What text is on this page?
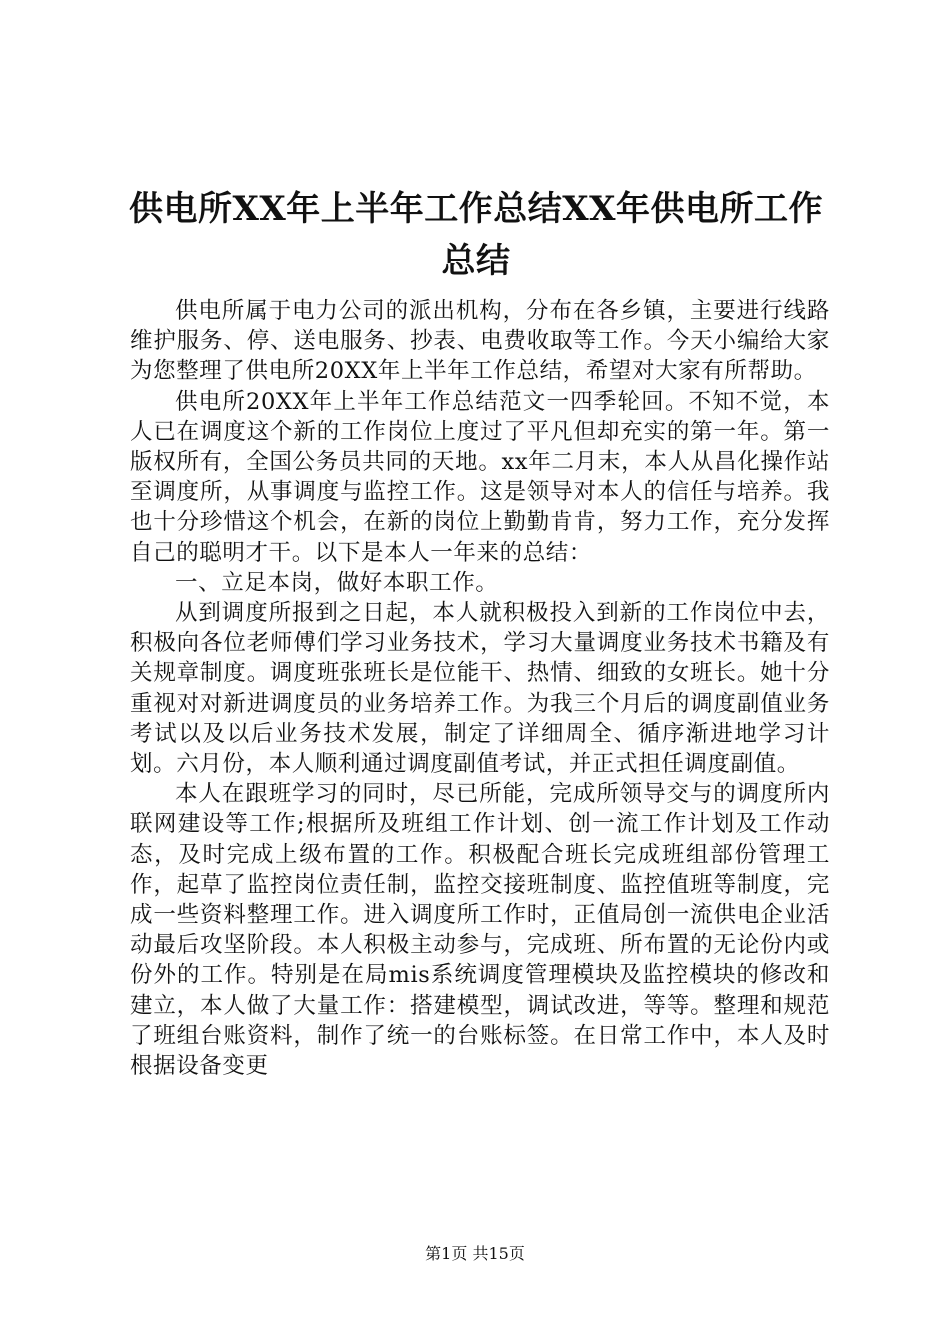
供电所XX年上半年工作总结XX年供电所工作总结

供电所属于电力公司的派出机构，分布在各乡镇，主要进行线路维护服务、停、送电服务、抄表、电费收取等工作。今天小编给大家为您整理了供电所20XX年上半年工作总结，希望对大家有所帮助。

供电所20XX年上半年工作总结范文一四季轮回。不知不觉，本人已在调度这个新的工作岗位上度过了平凡但却充实的第一年。第一版权所有，全国公务员共同的天地。xx年二月末，本人从昌化操作站至调度所，从事调度与监控工作。这是领导对本人的信任与培养。我也十分珍惜这个机会，在新的岗位上勤勤肯肯，努力工作，充分发挥自己的聪明才干。以下是本人一年来的总结：

一、立足本岗，做好本职工作。

从到调度所报到之日起，本人就积极投入到新的工作岗位中去，积极向各位老师傅们学习业务技术，学习大量调度业务技术书籍及有关规章制度。调度班张班长是位能干、热情、细致的女班长。她十分重视对对新进调度员的业务培养工作。为我三个月后的调度副值业务考试以及以后业务技术发展，制定了详细周全、循序渐进地学习计划。六月份，本人顺利通过调度副值考试，并正式担任调度副值。

本人在跟班学习的同时，尽已所能，完成所领导交与的调度所内联网建设等工作;根据所及班组工作计划、创一流工作计划及工作动态，及时完成上级布置的工作。积极配合班长完成班组部份管理工作，起草了监控岗位责任制，监控交接班制度、监控值班等制度，完成一些资料整理工作。进入调度所工作时，正值局创一流供电企业活动最后攻坚阶段。本人积极主动参与，完成班、所布置的无论份内或份外的工作。特别是在局mis系统调度管理模块及监控模块的修改和建立，本人做了大量工作：搭建模型，调试改进，等等。整理和规范了班组台账资料，制作了统一的台账标签。在日常工作中，本人及时根据设备变更

第1页 共15页
